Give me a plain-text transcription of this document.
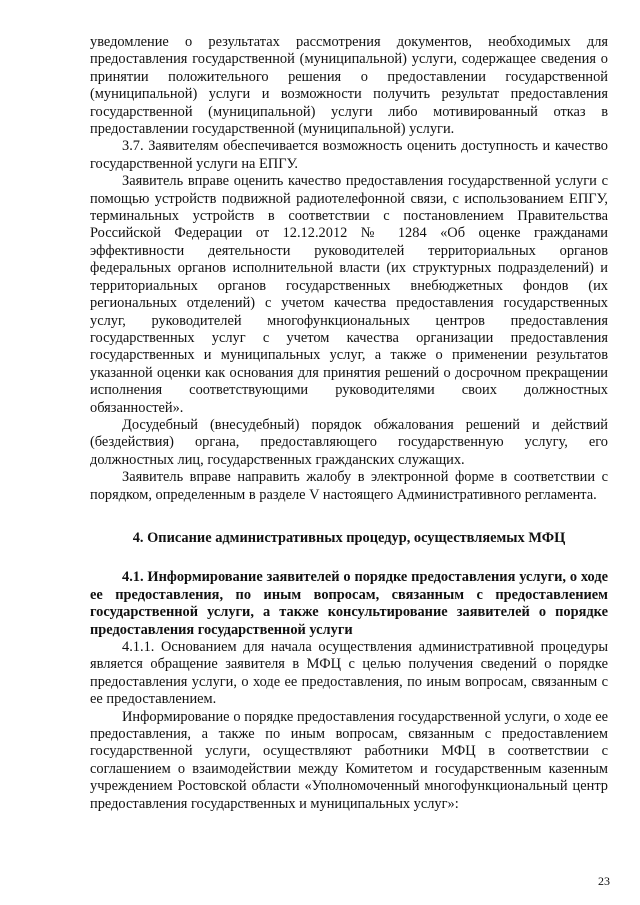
уведомление о результатах рассмотрения документов, необходимых для предоставления государственной (муниципальной) услуги, содержащее сведения о принятии положительного решения о предоставлении государственной (муниципальной) услуги и возможности получить результат предоставления государственной (муниципальной) услуги либо мотивированный отказ в предоставлении государственной (муниципальной) услуги.

3.7. Заявителям обеспечивается возможность оценить доступность и качество государственной услуги на ЕПГУ.

Заявитель вправе оценить качество предоставления государственной услуги с помощью устройств подвижной радиотелефонной связи, с использованием ЕПГУ, терминальных устройств в соответствии с постановлением Правительства Российской Федерации от 12.12.2012 № 1284 «Об оценке гражданами эффективности деятельности руководителей территориальных органов федеральных органов исполнительной власти (их структурных подразделений) и территориальных органов государственных внебюджетных фондов (их региональных отделений) с учетом качества предоставления государственных услуг, руководителей многофункциональных центров предоставления государственных услуг с учетом качества организации предоставления государственных и муниципальных услуг, а также о применении результатов указанной оценки как основания для принятия решений о досрочном прекращении исполнения соответствующими руководителями своих должностных обязанностей».

Досудебный (внесудебный) порядок обжалования решений и действий (бездействия) органа, предоставляющего государственную услугу, его должностных лиц, государственных гражданских служащих.

Заявитель вправе направить жалобу в электронной форме в соответствии с порядком, определенным в разделе V настоящего Административного регламента.

4. Описание административных процедур, осуществляемых МФЦ

4.1. Информирование заявителей о порядке предоставления услуги, о ходе ее предоставления, по иным вопросам, связанным с предоставлением государственной услуги, а также консультирование заявителей о порядке предоставления государственной услуги

4.1.1. Основанием для начала осуществления административной процедуры является обращение заявителя в МФЦ с целью получения сведений о порядке предоставления услуги, о ходе ее предоставления, по иным вопросам, связанным с ее предоставлением.

Информирование о порядке предоставления государственной услуги, о ходе ее предоставления, а также по иным вопросам, связанным с предоставлением государственной услуги, осуществляют работники МФЦ в соответствии с соглашением о взаимодействии между Комитетом и государственным казенным учреждением Ростовской области «Уполномоченный многофункциональный центр предоставления государственных и муниципальных услуг»:

23
